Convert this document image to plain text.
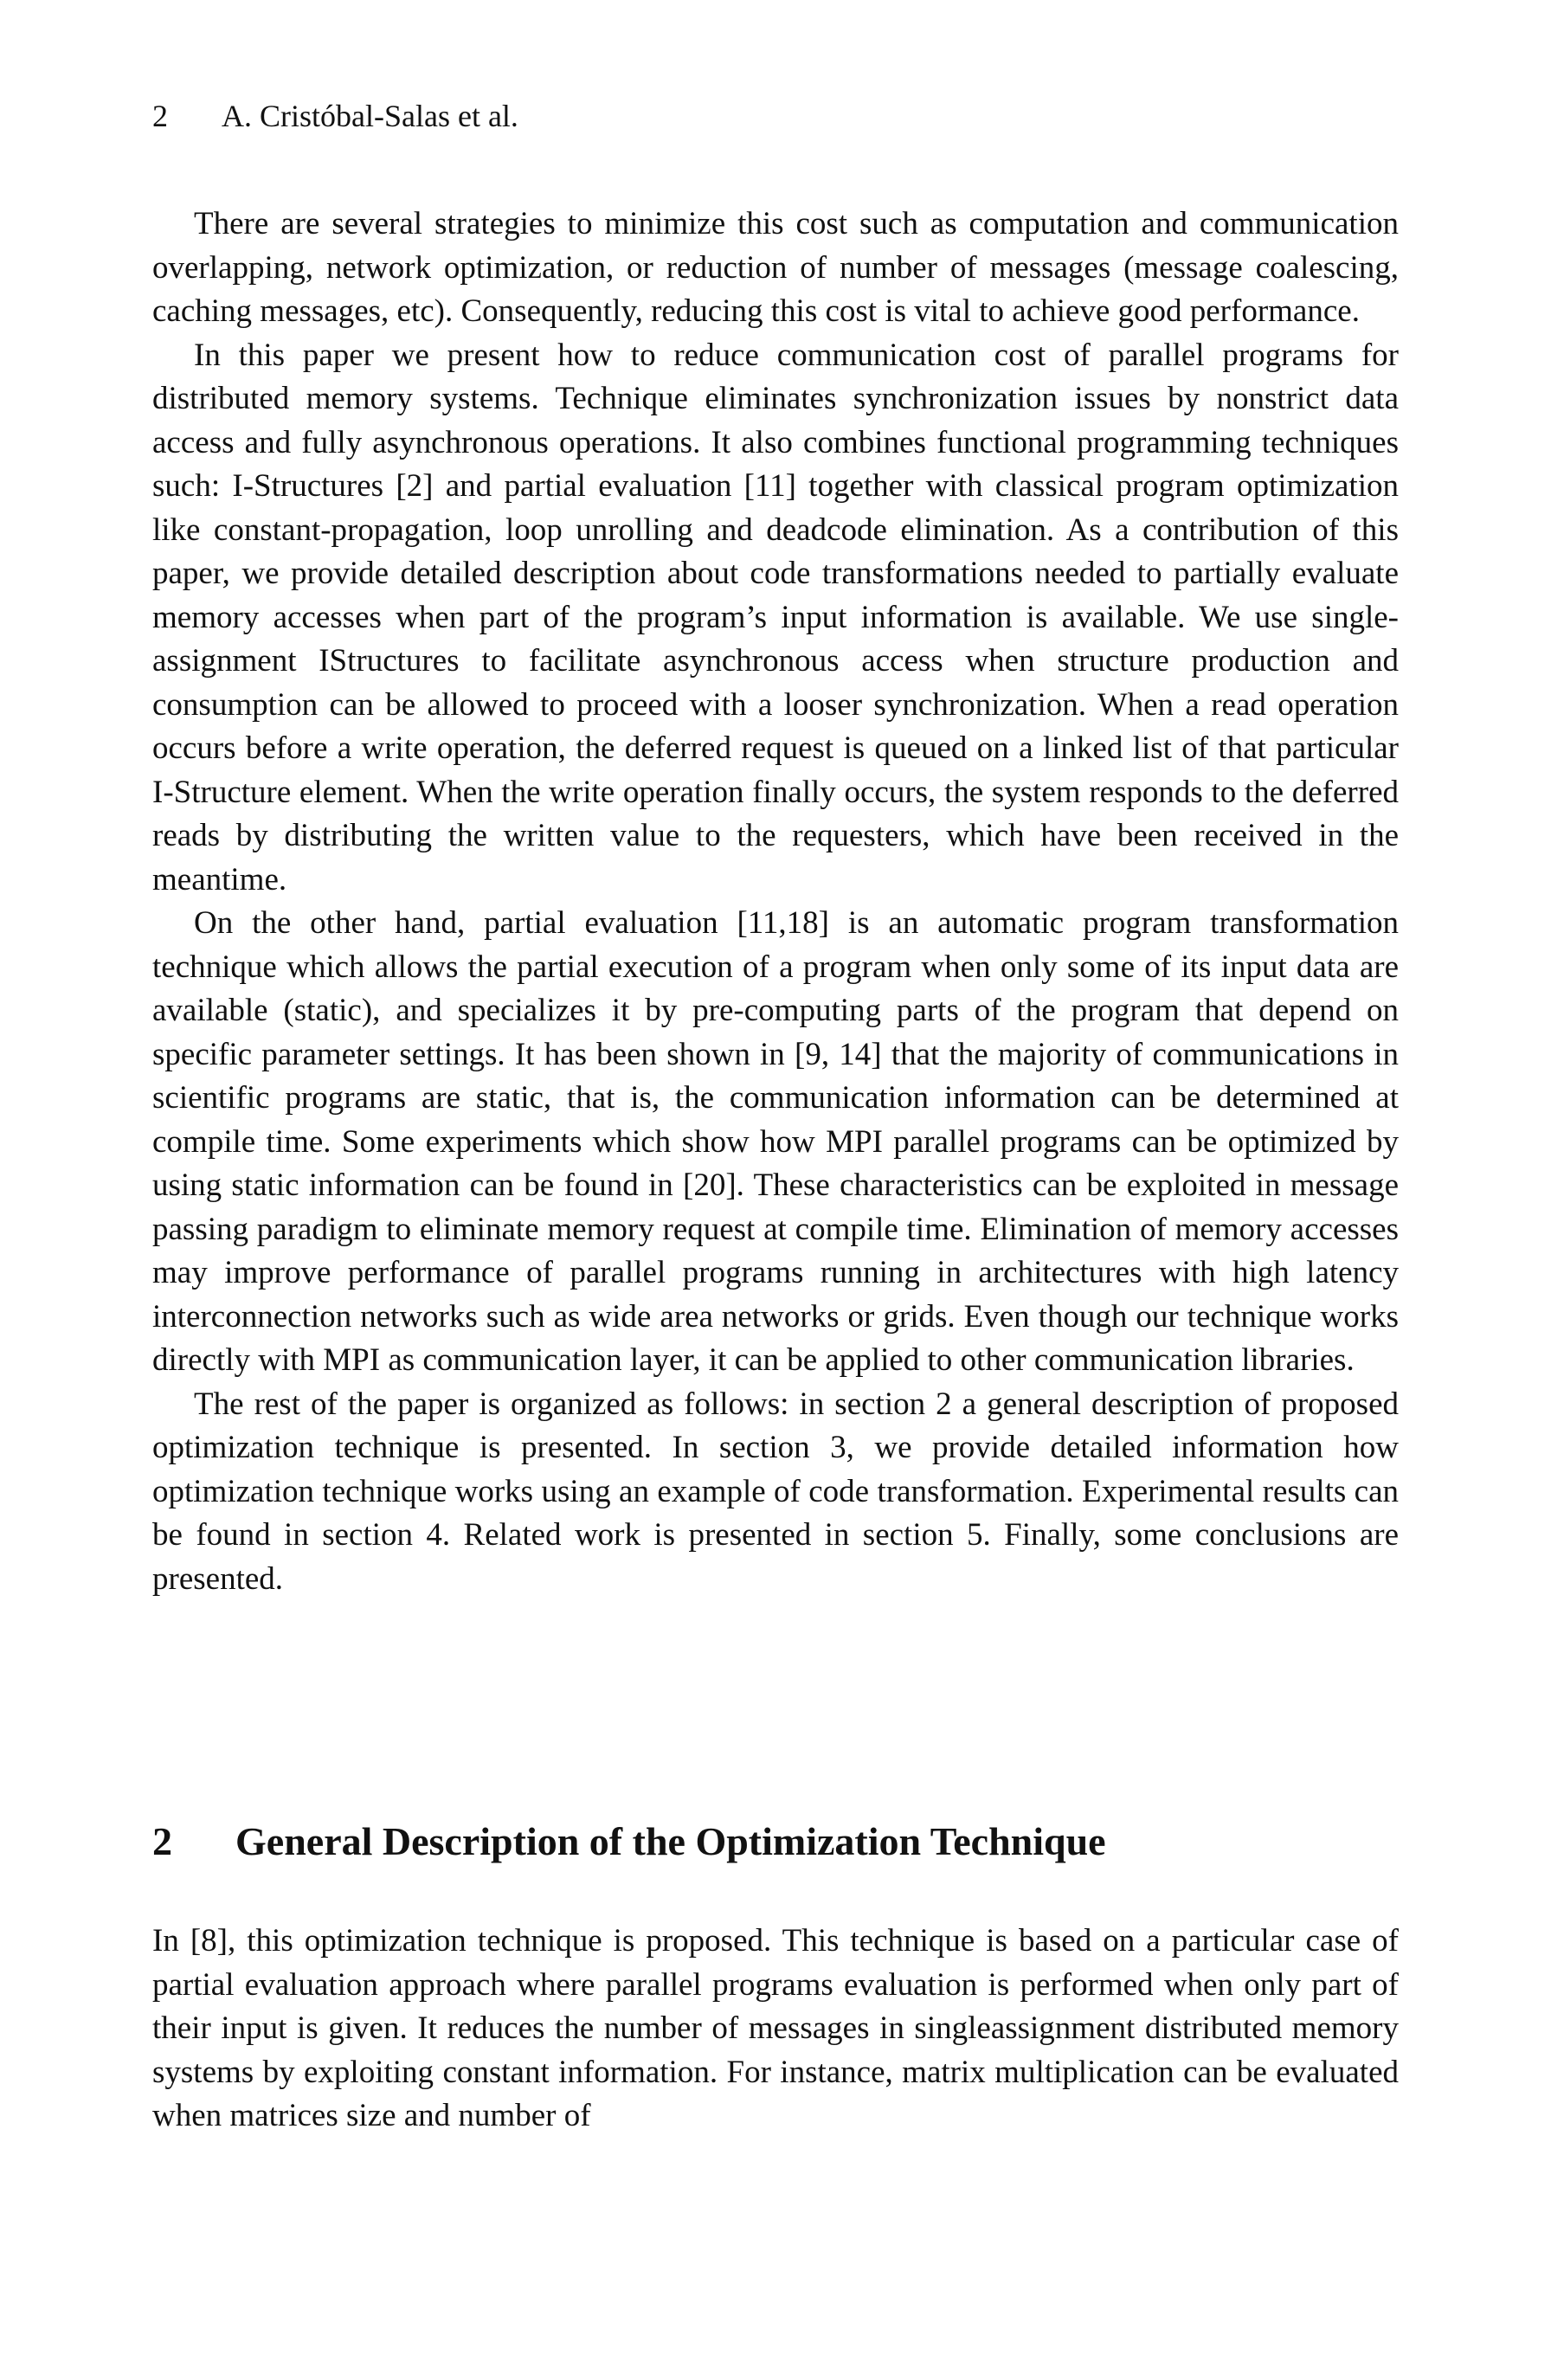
2 A. Cristóbal-Salas et al.

There are several strategies to minimize this cost such as computation and communication overlapping, network optimization, or reduction of number of messages (message coalescing, caching messages, etc). Consequently, reducing this cost is vital to achieve good performance.

In this paper we present how to reduce communication cost of parallel programs for distributed memory systems. Technique eliminates synchronization issues by nonstrict data access and fully asynchronous operations. It also combines functional programming techniques such: I-Structures [2] and partial evaluation [11] together with classical program optimization like constant-propagation, loop unrolling and deadcode elimination. As a contribution of this paper, we provide detailed description about code transformations needed to partially evaluate memory accesses when part of the program’s input information is available. We use single-assignment IStructures to facilitate asynchronous access when structure production and consumption can be allowed to proceed with a looser synchronization. When a read operation occurs before a write operation, the deferred request is queued on a linked list of that particular I-Structure element. When the write operation finally occurs, the system responds to the deferred reads by distributing the written value to the requesters, which have been received in the meantime.

On the other hand, partial evaluation [11,18] is an automatic program transformation technique which allows the partial execution of a program when only some of its input data are available (static), and specializes it by pre-computing parts of the program that depend on specific parameter settings. It has been shown in [9, 14] that the majority of communications in scientific programs are static, that is, the communication information can be determined at compile time. Some experiments which show how MPI parallel programs can be optimized by using static information can be found in [20]. These characteristics can be exploited in message passing paradigm to eliminate memory request at compile time. Elimination of memory accesses may improve performance of parallel programs running in architectures with high latency interconnection networks such as wide area networks or grids. Even though our technique works directly with MPI as communication layer, it can be applied to other communication libraries.

The rest of the paper is organized as follows: in section 2 a general description of proposed optimization technique is presented. In section 3, we provide detailed information how optimization technique works using an example of code transformation. Experimental results can be found in section 4. Related work is presented in section 5. Finally, some conclusions are presented.

2 General Description of the Optimization Technique

In [8], this optimization technique is proposed. This technique is based on a particular case of partial evaluation approach where parallel programs evaluation is performed when only part of their input is given. It reduces the number of messages in singleassignment distributed memory systems by exploiting constant information. For instance, matrix multiplication can be evaluated when matrices size and number of
